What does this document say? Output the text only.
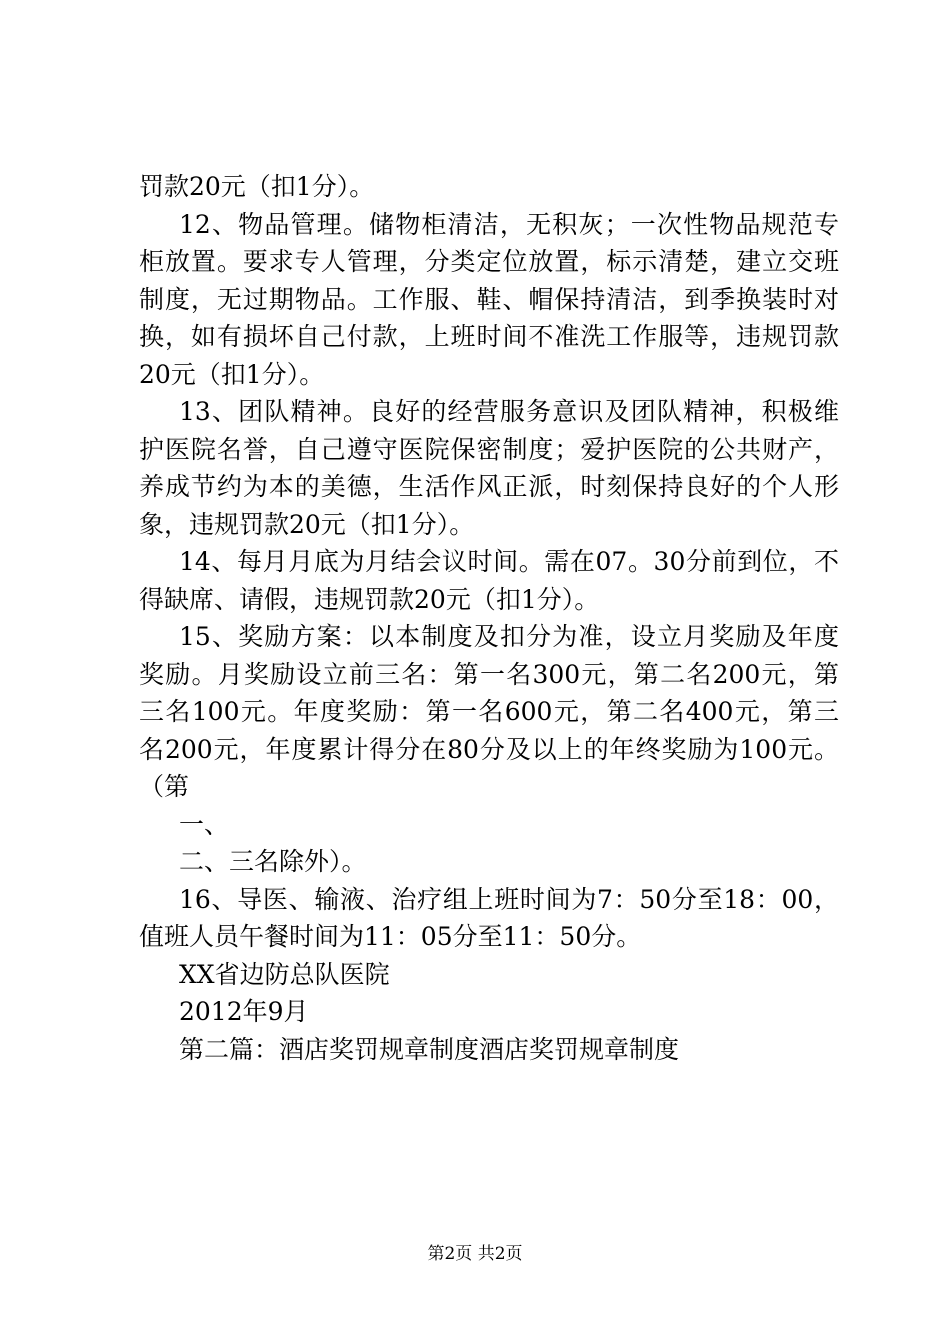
罚款20元（扣1分）。
12、物品管理。储物柜清洁，无积灰；一次性物品规范专
柜放置。要求专人管理，分类定位放置，标示清楚，建立交班
制度，无过期物品。工作服、鞋、帽保持清洁，到季换装时对
换，如有损坏自己付款，上班时间不准洗工作服等，违规罚款
20元（扣1分）。
13、团队精神。良好的经营服务意识及团队精神，积极维
护医院名誉，自己遵守医院保密制度；爱护医院的公共财产，
养成节约为本的美德，生活作风正派，时刻保持良好的个人形
象，违规罚款20元（扣1分）。
14、每月月底为月结会议时间。需在07。30分前到位，不
得缺席、请假，违规罚款20元（扣1分）。
15、奖励方案：以本制度及扣分为准，设立月奖励及年度
奖励。月奖励设立前三名：第一名300元，第二名200元，第
三名100元。年度奖励：第一名600元，第二名400元，第三
名200元，年度累计得分在80分及以上的年终奖励为100元。
（第
一、
二、三名除外）。
16、导医、输液、治疗组上班时间为7：50分至18：00，
值班人员午餐时间为11：05分至11：50分。
XX省边防总队医院
2012年9月
第二篇：酒店奖罚规章制度酒店奖罚规章制度
第2页 共2页
